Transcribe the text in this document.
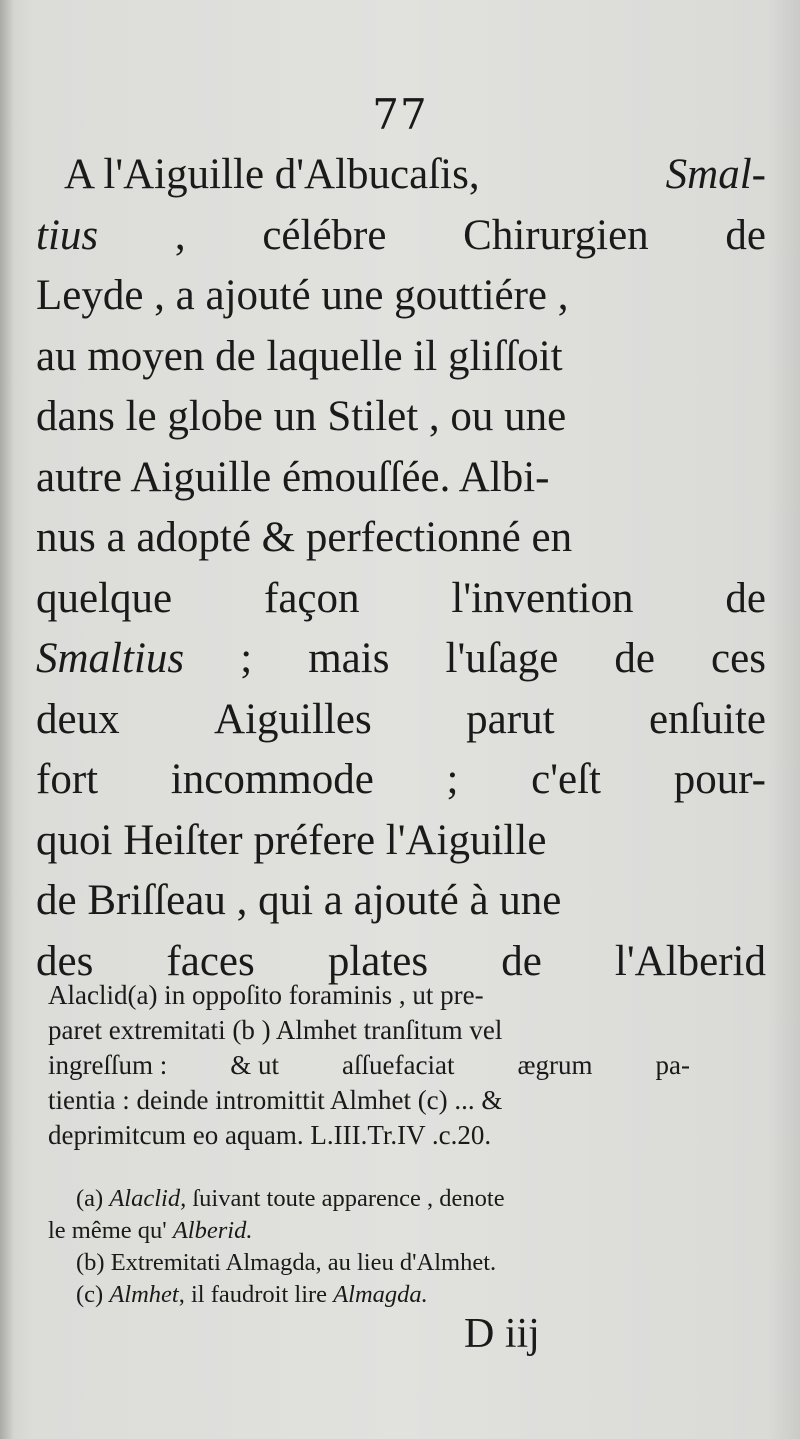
77
A l'Aiguille d'Albucaſis,	Smal-
tius , célébre Chirurgien de
Leyde , a ajouté une gouttiére ,
au moyen de laquelle il gliſſoit
dans le globe un Stilet , ou une
autre Aiguille émouſſée. Albi-
nus a adopté & perfectionné en
quelque façon l'invention de
Smaltius ; mais l'uſage de ces
deux Aiguilles parut enſuite
fort incommode ; c'eſt pour-
quoi Heiſter préfere l'Aiguille
de Briſſeau , qui a ajouté à une
des faces plates de l'Alberid
Alaclid(a) in oppoſito foraminis , ut pre-
paret extremitati (b ) Almhet tranſitum vel
ingreſſum : & ut aſſuefaciat ægrum pa-
tientia : deinde intromittit Almhet (c) ... &
deprimitcum eo aquam. L.III.Tr.IV .c.20.
(a) Alaclid, ſuivant toute apparence , denote
le même qu' Alberid.
(b) Extremitati Almagda, au lieu d'Almhet.
(c) Almhet, il faudroit lire Almagda.
D iij
